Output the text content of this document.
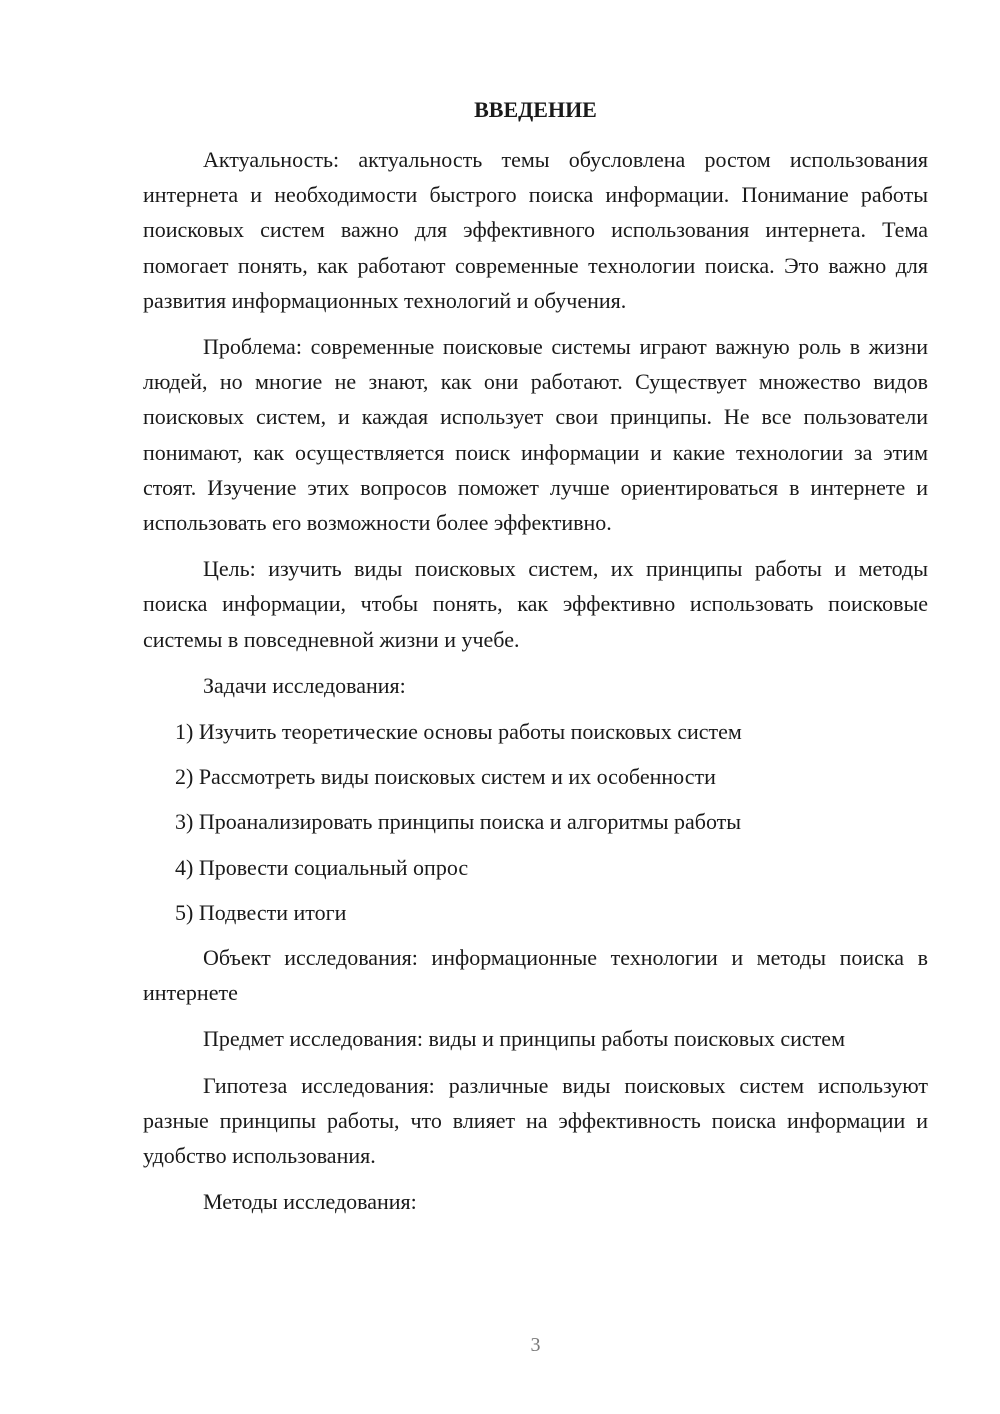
ВВЕДЕНИЕ

Актуальность: актуальность темы обусловлена ростом использования интернета и необходимости быстрого поиска информации. Понимание работы поисковых систем важно для эффективного использования интернета. Тема помогает понять, как работают современные технологии поиска. Это важно для развития информационных технологий и обучения.

Проблема: современные поисковые системы играют важную роль в жизни людей, но многие не знают, как они работают. Существует множество видов поисковых систем, и каждая использует свои принципы. Не все пользователи понимают, как осуществляется поиск информации и какие технологии за этим стоят. Изучение этих вопросов поможет лучше ориентироваться в интернете и использовать его возможности более эффективно.

Цель: изучить виды поисковых систем, их принципы работы и методы поиска информации, чтобы понять, как эффективно использовать поисковые системы в повседневной жизни и учебе.

Задачи исследования:

1) Изучить теоретические основы работы поисковых систем
2) Рассмотреть виды поисковых систем и их особенности
3) Проанализировать принципы поиска и алгоритмы работы
4) Провести социальный опрос
5) Подвести итоги

Объект исследования: информационные технологии и методы поиска в интернете

Предмет исследования: виды и принципы работы поисковых систем

Гипотеза исследования: различные виды поисковых систем используют разные принципы работы, что влияет на эффективность поиска информации и удобство использования.

Методы исследования:

3
